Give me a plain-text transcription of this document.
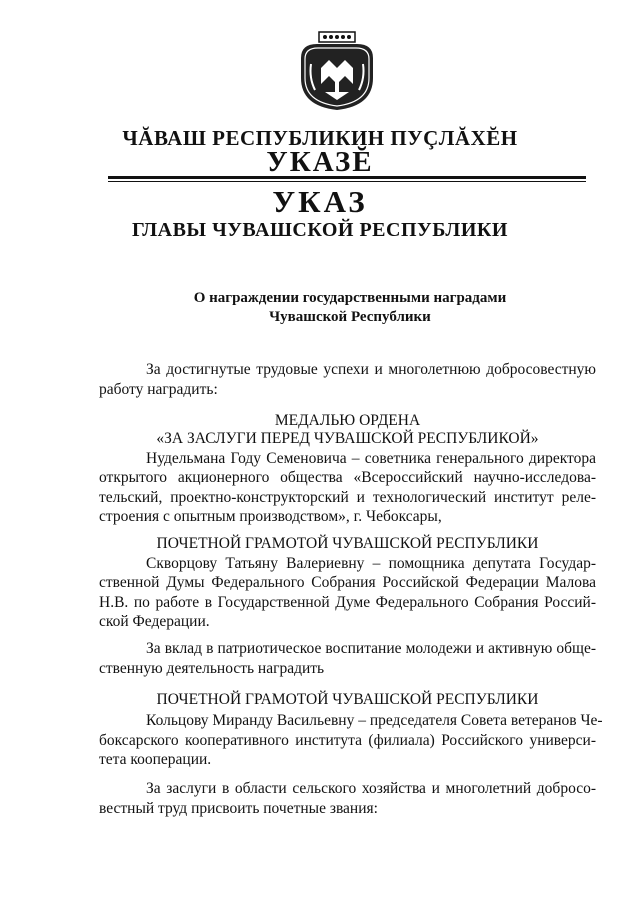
ЧĂВАШ РЕСПУБЛИКИН ПУÇЛĂХĔН
УКАЗĔ
УКАЗ
ГЛАВЫ ЧУВАШСКОЙ РЕСПУБЛИКИ
О награждении государственными наградами
Чувашской Республики
За достигнутые трудовые успехи и многолетнюю добросовестную
работу наградить:
МЕДАЛЬЮ ОРДЕНА
«ЗА ЗАСЛУГИ ПЕРЕД ЧУВАШСКОЙ РЕСПУБЛИКОЙ»
Нудельмана Году Семеновича – советника генерального директора
открытого акционерного общества «Всероссийский научно-исследова-
тельский, проектно-конструкторский и технологический институт реле-
строения с опытным производством», г. Чебоксары,
ПОЧЕТНОЙ ГРАМОТОЙ ЧУВАШСКОЙ РЕСПУБЛИКИ
Скворцову Татьяну Валериевну – помощника депутата Государ-
ственной Думы Федерального Собрания Российской Федерации Малова
Н.В. по работе в Государственной Думе Федерального Собрания Россий-
ской Федерации.
За вклад в патриотическое воспитание молодежи и активную обще-
ственную деятельность наградить
ПОЧЕТНОЙ ГРАМОТОЙ ЧУВАШСКОЙ РЕСПУБЛИКИ
Кольцову Миранду Васильевну – председателя Совета ветеранов Че-
боксарского кооперативного института (филиала) Российского универси-
тета кооперации.
За заслуги в области сельского хозяйства и многолетний добросо-
вестный труд присвоить почетные звания:
